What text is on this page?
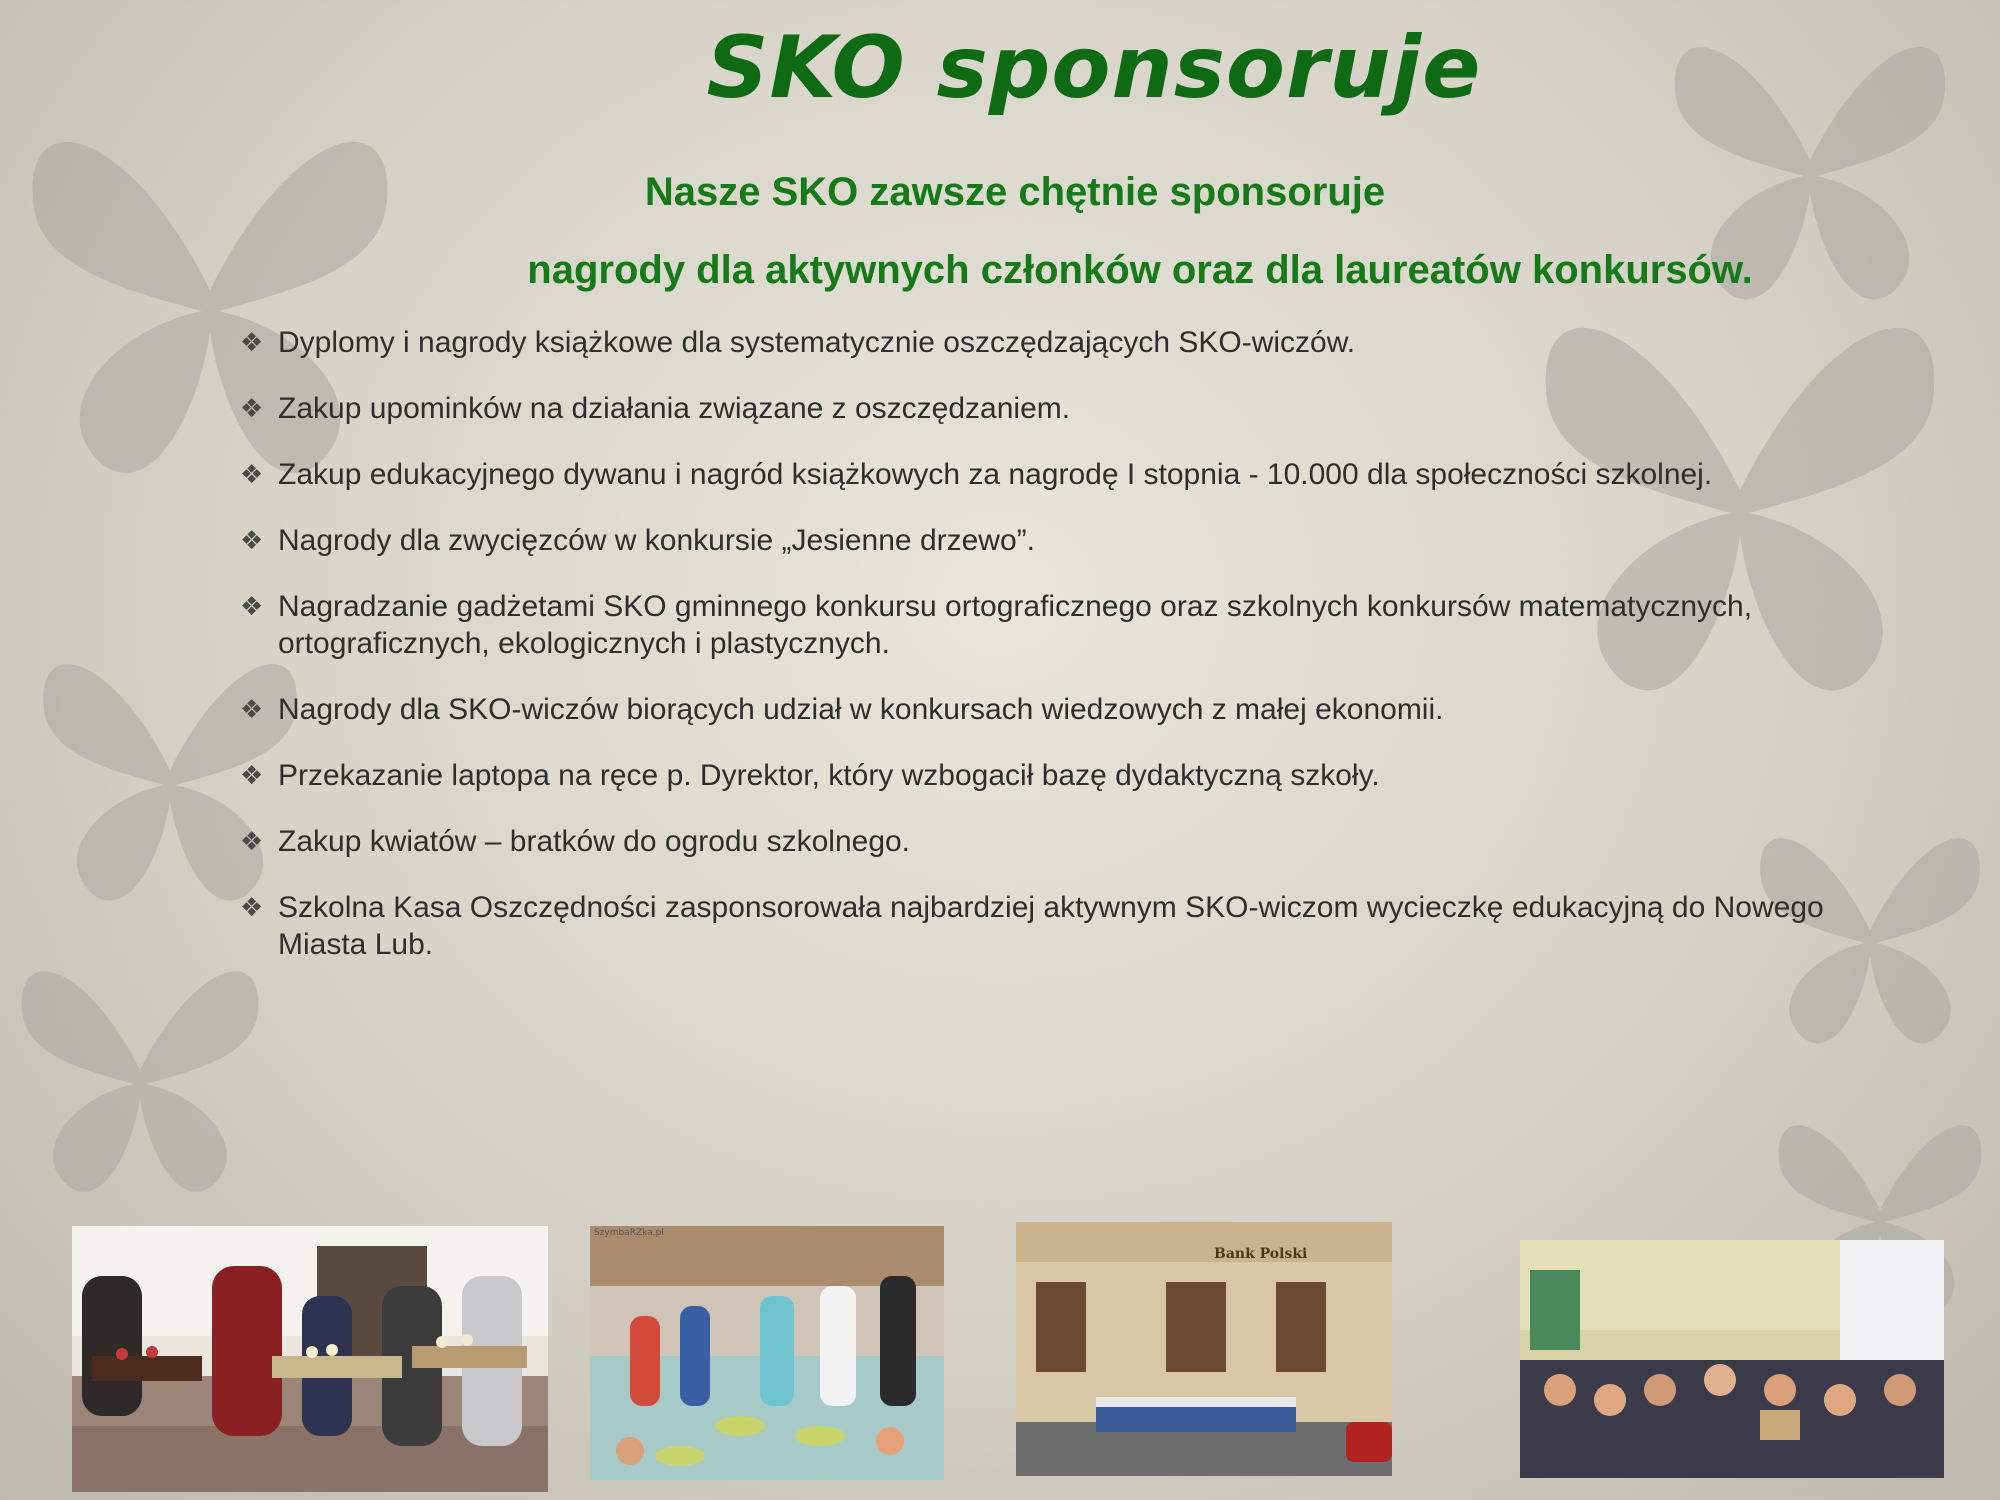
SKO sponsoruje
Nasze SKO zawsze chętnie sponsoruje
nagrody dla aktywnych członków oraz dla laureatów konkursów.
❖ Dyplomy i nagrody książkowe dla systematycznie oszczędzających SKO-wiczów.
❖ Zakup upominków na działania związane z oszczędzaniem.
❖ Zakup edukacyjnego dywanu i nagród książkowych za nagrodę I stopnia - 10.000 dla społeczności szkolnej.
❖ Nagrody dla zwycięzców w konkursie „Jesienne drzewo”.
❖ Nagradzanie gadżetami SKO gminnego konkursu ortograficznego oraz szkolnych konkursów matematycznych, ortograficznych, ekologicznych i plastycznych.
❖ Nagrody dla SKO-wiczów biorących udział w konkursach wiedzowych z małej ekonomii.
❖ Przekazanie laptopa na ręce p. Dyrektor, który wzbogacił bazę dydaktyczną szkoły.
❖ Zakup kwiatów – bratków do ogrodu szkolnego.
❖ Szkolna Kasa Oszczędności zasponsorowała najbardziej aktywnym SKO-wiczom wycieczkę edukacyjną do Nowego Miasta Lub.
SzymbaRZka.pl
Bank Polski
